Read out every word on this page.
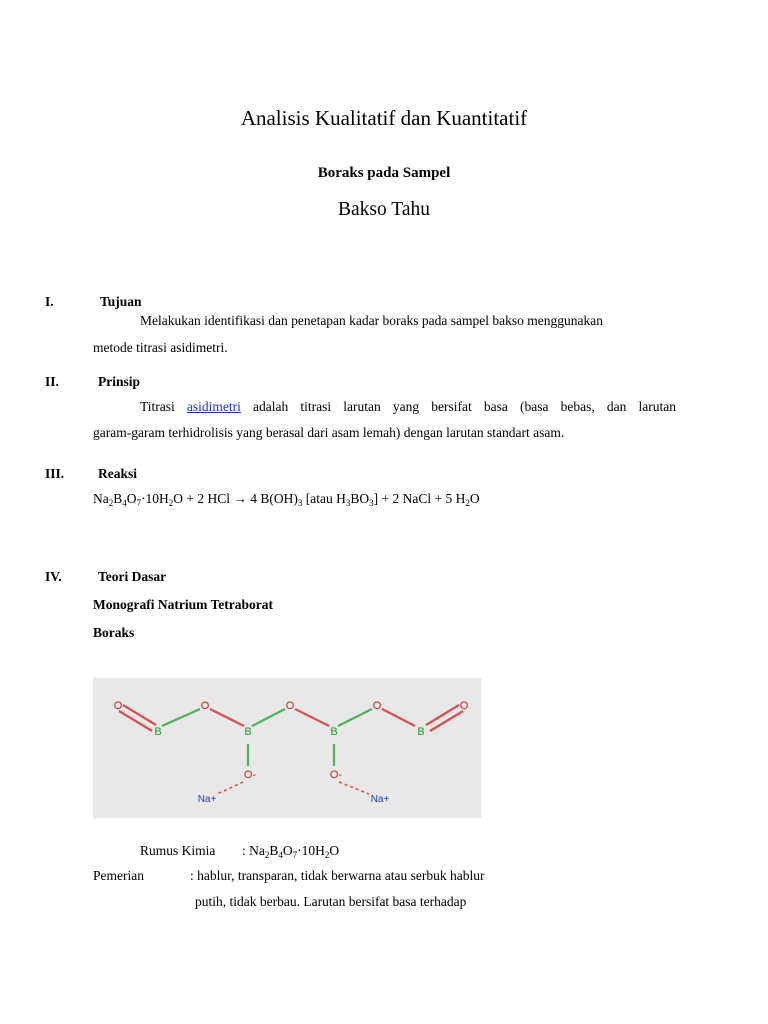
Analisis Kualitatif dan Kuantitatif
Boraks pada Sampel
Bakso Tahu
I.	Tujuan
Melakukan identifikasi dan penetapan kadar boraks pada sampel bakso menggunakan
metode titrasi asidimetri.
II.	Prinsip
Titrasi asidimetri adalah titrasi larutan yang bersifat basa (basa bebas, dan larutan
garam-garam terhidrolisis yang berasal dari asam lemah) dengan larutan standart asam.
III.	Reaksi
$Na_2B_4O_7\cdot 10H_2O + 2$ HCl → 4 $B(OH)_3$ [atau $H_3BO_3] + 2$ NaCl + 5 $H_2O$
IV.	Teori Dasar
Monografi Natrium Tetraborat
Boraks
O
B
O
B
O
B
O
B
O
O-	O-
Na+	Na+
Rumus Kimia : $Na_2B_4O_7\cdot 10H_2O$
Pemerian	: hablur, transparan, tidak berwarna atau serbuk hablur
putih, tidak berbau. Larutan bersifat basa terhadap
